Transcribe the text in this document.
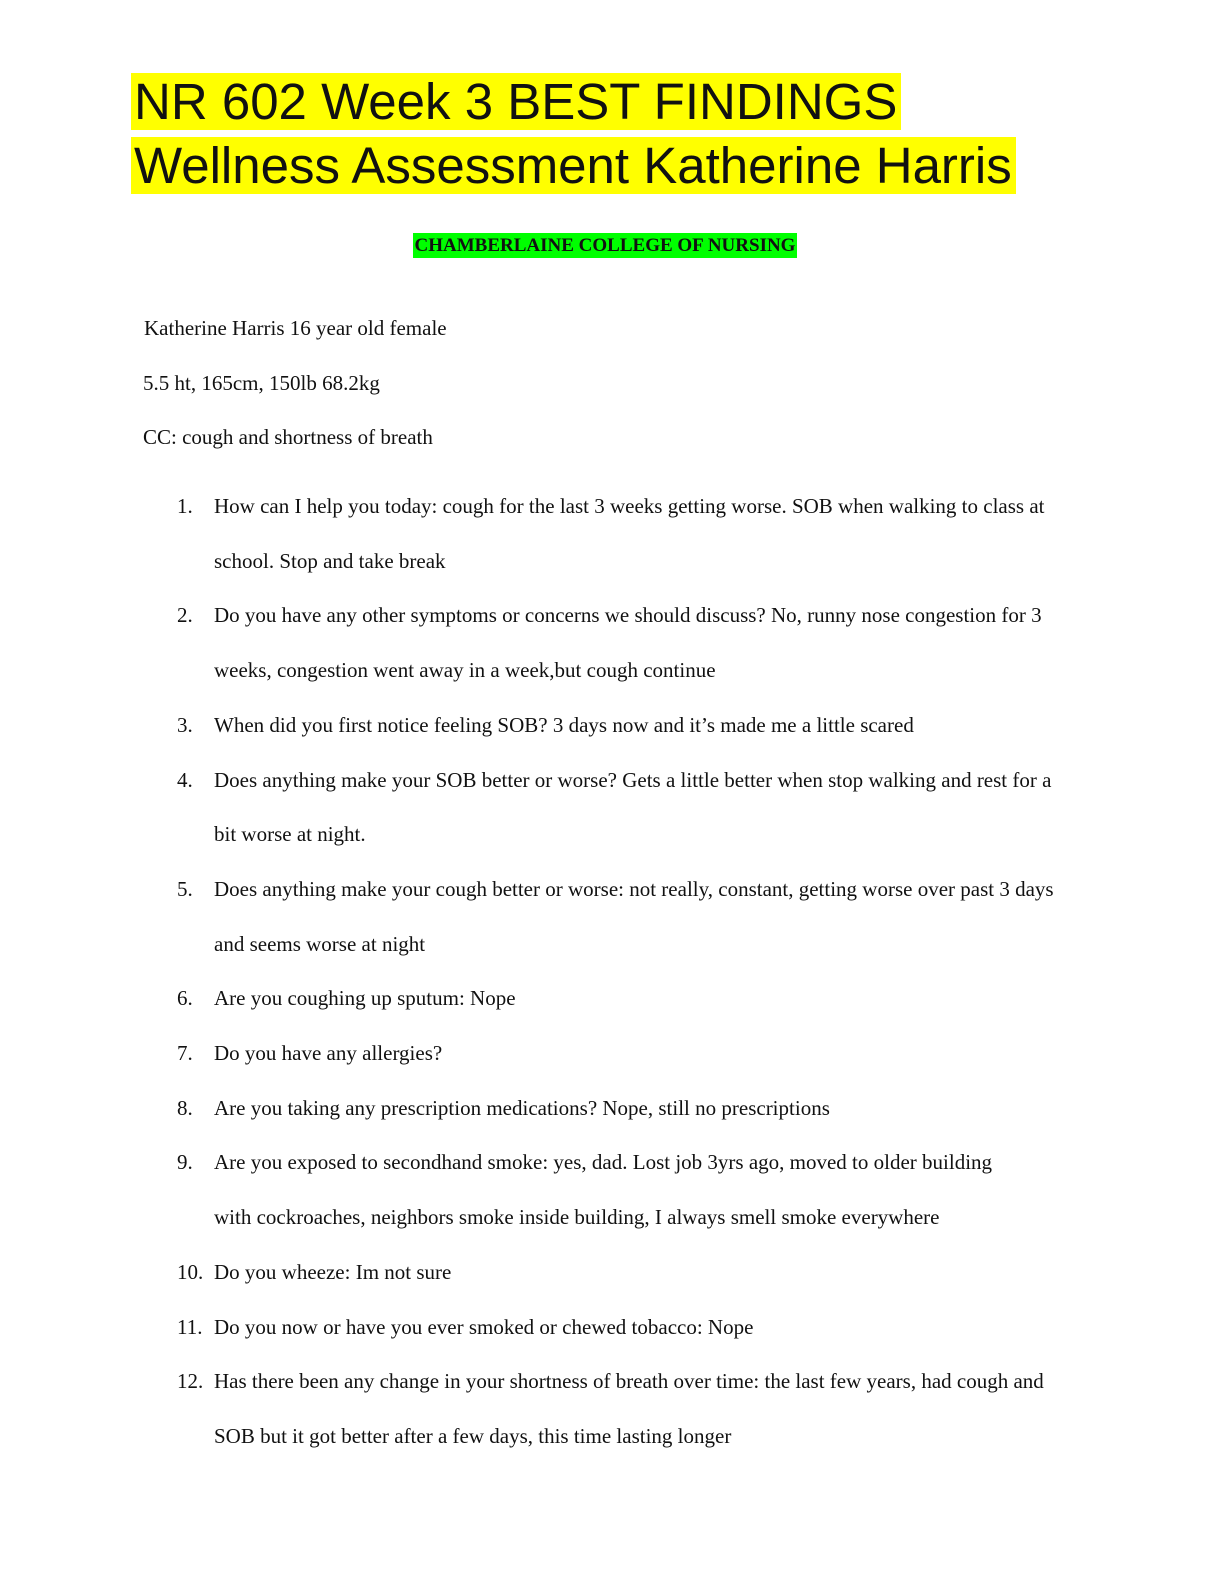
NR 602 Week 3 BEST FINDINGS
Wellness Assessment Katherine Harris

CHAMBERLAINE COLLEGE OF NURSING

Katherine Harris 16 year old female

5.5 ht, 165cm, 150lb 68.2kg

CC: cough and shortness of breath

1.	How can I help you today: cough for the last 3 weeks getting worse. SOB when walking to class at school. Stop and take break
2.	Do you have any other symptoms or concerns we should discuss? No, runny nose congestion for 3 weeks, congestion went away in a week,but cough continue
3.	When did you first notice feeling SOB? 3 days now and it’s made me a little scared
4.	Does anything make your SOB better or worse? Gets a little better when stop walking and rest for a bit worse at night.
5.	Does anything make your cough better or worse: not really, constant, getting worse over past 3 days and seems worse at night
6.	Are you coughing up sputum: Nope
7.	Do you have any allergies?
8.	Are you taking any prescription medications? Nope, still no prescriptions
9.	Are you exposed to secondhand smoke: yes, dad. Lost job 3yrs ago, moved to older building with cockroaches, neighbors smoke inside building, I always smell smoke everywhere
10. Do you wheeze: Im not sure
11. Do you now or have you ever smoked or chewed tobacco: Nope
12. Has there been any change in your shortness of breath over time: the last few years, had cough and SOB but it got better after a few days, this time lasting longer
